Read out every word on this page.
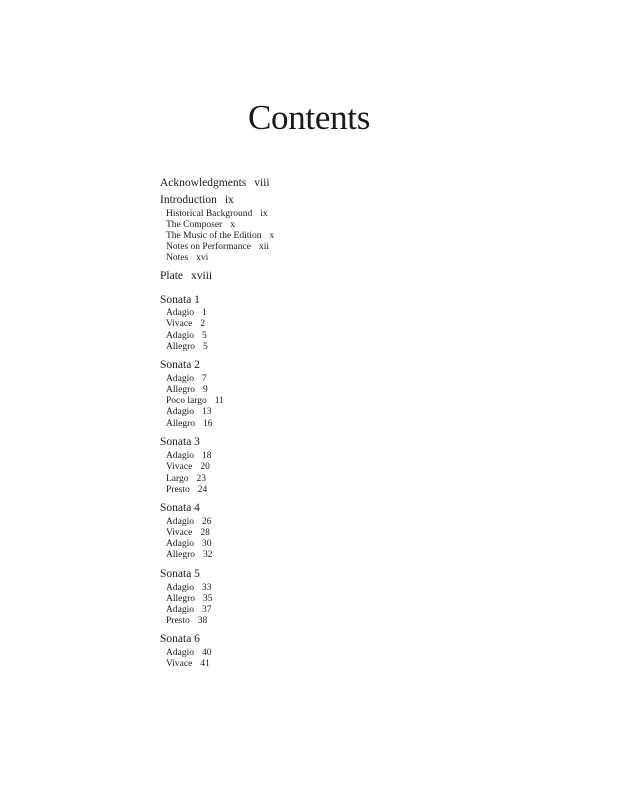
Contents
Acknowledgments viii
Introduction ix
Historical Background ix
The Composer x
The Music of the Edition x
Notes on Performance xii
Notes xvi
Plate xviii
Sonata 1
Adagio 1
Vivace 2
Adagio 5
Allegro 5
Sonata 2
Adagio 7
Allegro 9
Poco largo 11
Adagio 13
Allegro 16
Sonata 3
Adagio 18
Vivace 20
Largo 23
Presto 24
Sonata 4
Adagio 26
Vivace 28
Adagio 30
Allegro 32
Sonata 5
Adagio 33
Allegro 35
Adagio 37
Presto 38
Sonata 6
Adagio 40
Vivace 41
